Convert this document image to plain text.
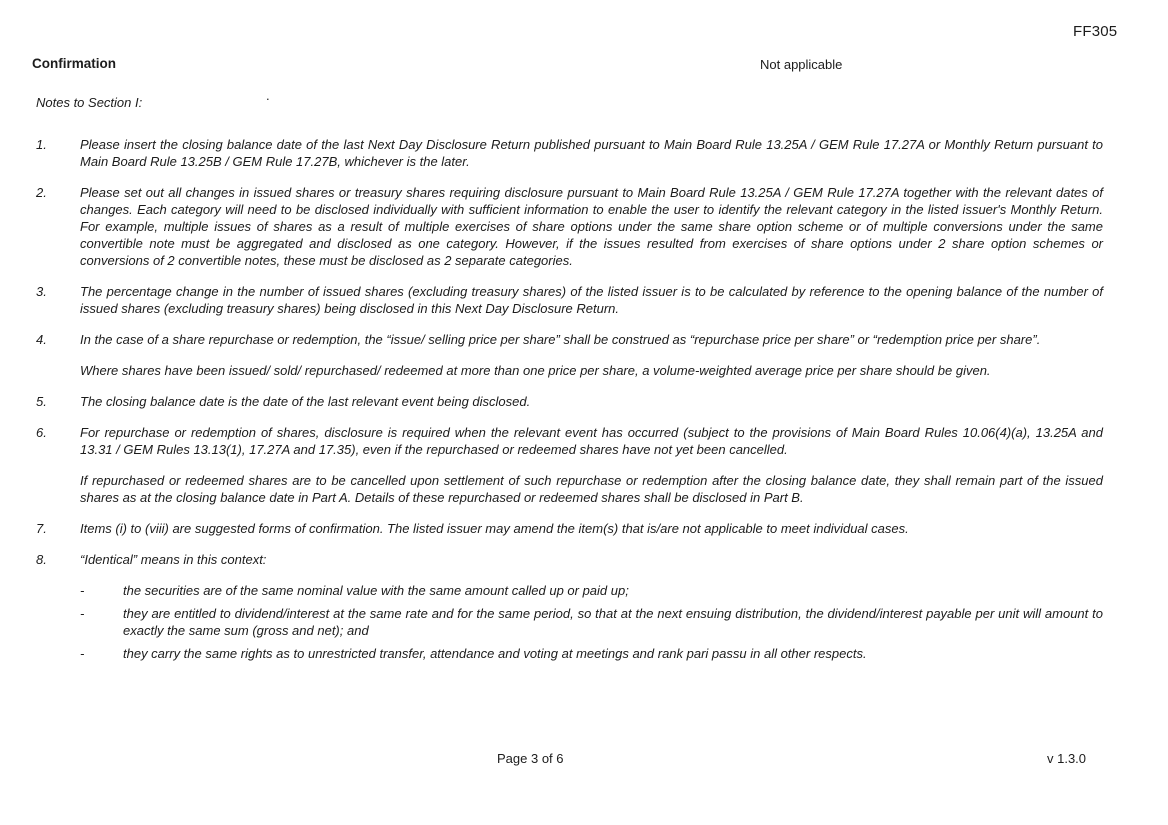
FF305
Confirmation	Not applicable
.
Notes to Section I:
1.	Please insert the closing balance date of the last Next Day Disclosure Return published pursuant to Main Board Rule 13.25A / GEM Rule 17.27A or Monthly Return pursuant to Main Board Rule 13.25B / GEM Rule 17.27B, whichever is the later.

2.	Please set out all changes in issued shares or treasury shares requiring disclosure pursuant to Main Board Rule 13.25A / GEM Rule 17.27A together with the relevant dates of changes. Each category will need to be disclosed individually with sufficient information to enable the user to identify the relevant category in the listed issuer's Monthly Return. For example, multiple issues of shares as a result of multiple exercises of share options under the same share option scheme or of multiple conversions under the same convertible note must be aggregated and disclosed as one category. However, if the issues resulted from exercises of share options under 2 share option schemes or conversions of 2 convertible notes, these must be disclosed as 2 separate categories.

3.	The percentage change in the number of issued shares (excluding treasury shares) of the listed issuer is to be calculated by reference to the opening balance of the number of issued shares (excluding treasury shares) being disclosed in this Next Day Disclosure Return.

4.	In the case of a share repurchase or redemption, the “issue/ selling price per share” shall be construed as “repurchase price per share” or “redemption price per share”.

Where shares have been issued/ sold/ repurchased/ redeemed at more than one price per share, a volume-weighted average price per share should be given.

5.	The closing balance date is the date of the last relevant event being disclosed.

6.	For repurchase or redemption of shares, disclosure is required when the relevant event has occurred (subject to the provisions of Main Board Rules 10.06(4)(a), 13.25A and 13.31 / GEM Rules 13.13(1), 17.27A and 17.35), even if the repurchased or redeemed shares have not yet been cancelled.

If repurchased or redeemed shares are to be cancelled upon settlement of such repurchase or redemption after the closing balance date, they shall remain part of the issued shares as at the closing balance date in Part A. Details of these repurchased or redeemed shares shall be disclosed in Part B.

7.	Items (i) to (viii) are suggested forms of confirmation. The listed issuer may amend the item(s) that is/are not applicable to meet individual cases.

8.	“Identical” means in this context:

-	the securities are of the same nominal value with the same amount called up or paid up;
-	they are entitled to dividend/interest at the same rate and for the same period, so that at the next ensuing distribution, the dividend/interest payable per unit will amount to exactly the same sum (gross and net); and
-	they carry the same rights as to unrestricted transfer, attendance and voting at meetings and rank pari passu in all other respects.
Page 3 of 6	v 1.3.0
